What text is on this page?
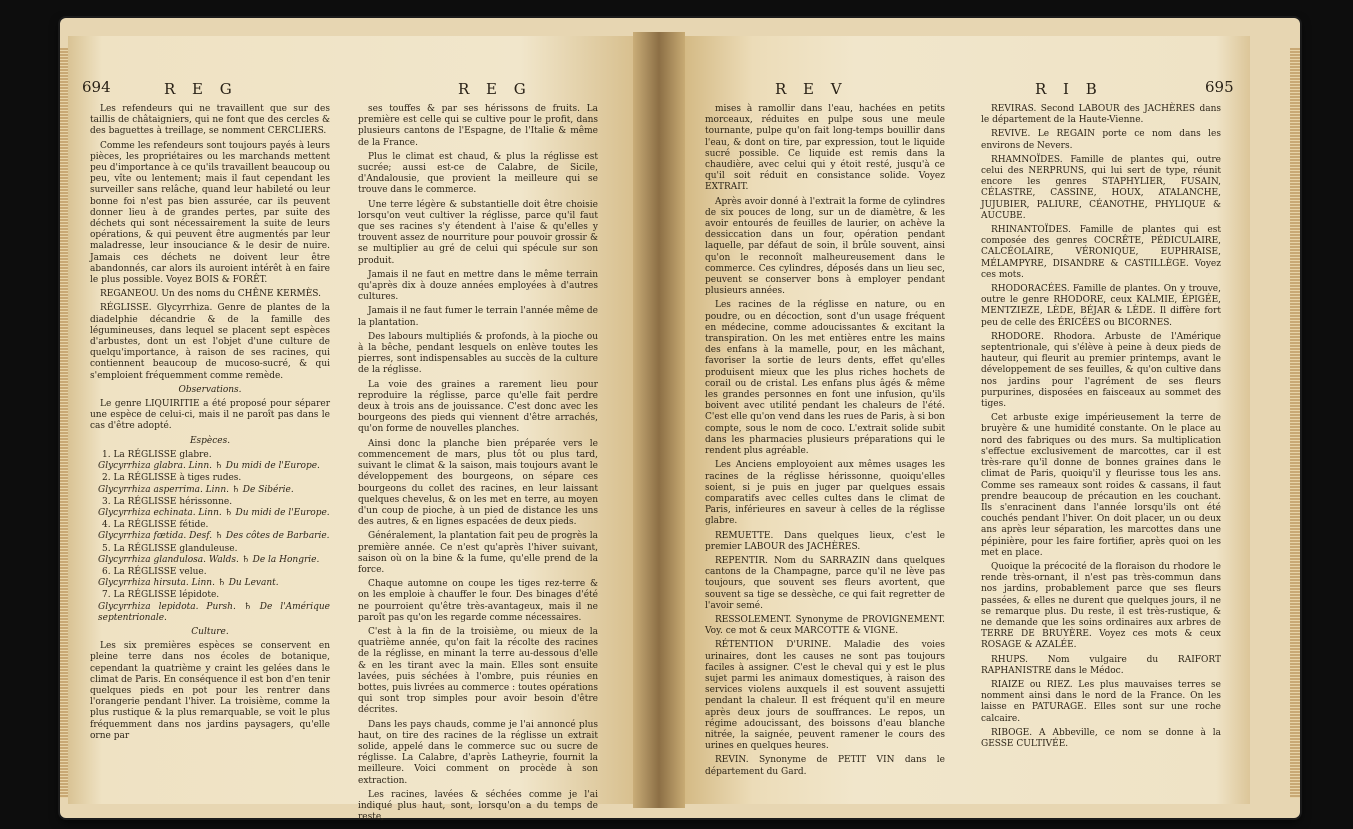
694	R E G	R E G

Les refendeurs qui ne travaillent que sur des taillis de châtaigniers, qui ne font que des cercles & des baguettes à treillage, se nomment CERCLIERS.

Comme les refendeurs sont toujours payés à leurs pièces, les propriétaires ou les marchands mettent peu d'importance à ce qu'ils travaillent beaucoup ou peu, vîte ou lentement; mais il faut cependant les surveiller sans relâche, quand leur habileté ou leur bonne foi n'est pas bien assurée, car ils peuvent donner lieu à de grandes pertes, par suite des déchets qui sont nécessairement la suite de leurs opérations, & qui peuvent être augmentés par leur maladresse, leur insouciance & le desir de nuire. Jamais ces déchets ne doivent leur être abandonnés, car alors ils auroient intérêt à en faire le plus possible. Voyez BOIS & FORÊT.

REGANEOU. Un des noms du CHÊNE KERMÈS.

RÉGLISSE. Glycyrrhiza. Genre de plantes de la diadelphie décandrie & de la famille des légumineuses, dans lequel se placent sept espèces d'arbustes, dont un est l'objet d'une culture de quelqu'importance, à raison de ses racines, qui contiennent beaucoup de mucoso-sucré, & qui s'emploient fréquemment comme remède.

Observations.

Le genre LIQUIRITIE a été proposé pour séparer une espèce de celui-ci, mais il ne paroît pas dans le cas d'être adopté.

Espèces.

1. La RÉGLISSE glabre.

Glycyrrhiza glabra. Linn. ♄ Du midi de l'Europe.

2. La RÉGLISSE à tiges rudes.

Glycyrrhiza asperrima. Linn. ♄ De Sibérie.

3. La RÉGLISSE hérissonne.

Glycyrrhiza echinata. Linn. ♄ Du midi de l'Europe.

4. La RÉGLISSE fétide.

Glycyrrhiza fœtida. Desf. ♄ Des côtes de Barbarie.

5. La RÉGLISSE glanduleuse.

Glycyrrhiza glandulosa. Walds. ♄ De la Hongrie.

6. La RÉGLISSE velue.

Glycyrrhiza hirsuta. Linn. ♄ Du Levant.

7. La RÉGLISSE lépidote.

Glycyrrhiza lepidota. Pursh. ♄ De l'Amérique septentrionale.

Culture.

Les six premières espèces se conservent en pleine terre dans nos écoles de botanique, cependant la quatrième y craint les gelées dans le climat de Paris. En conséquence il est bon d'en tenir quelques pieds en pot pour les rentrer dans l'orangerie pendant l'hiver. La troisième, comme la plus rustique & la plus remarquable, se voit le plus fréquemment dans nos jardins paysagers, qu'elle orne par

ses touffes & par ses hérissons de fruits. La première est celle qui se cultive pour le profit, dans plusieurs cantons de l'Espagne, de l'Italie & même de la France.

Plus le climat est chaud, & plus la réglisse est sucrée; aussi est-ce de Calabre, de Sicile, d'Andalousie, que provient la meilleure qui se trouve dans le commerce.

Une terre légère & substantielle doit être choisie lorsqu'on veut cultiver la réglisse, parce qu'il faut que ses racines s'y étendent à l'aise & qu'elles y trouvent assez de nourriture pour pouvoir grossir & se multiplier au gré de celui qui spécule sur son produit.

Jamais il ne faut en mettre dans le même terrain qu'après dix à douze années employées à d'autres cultures.

Jamais il ne faut fumer le terrain l'année même de la plantation.

Des labours multipliés & profonds, à la pioche ou à la bêche, pendant lesquels on enlève toutes les pierres, sont indispensables au succès de la culture de la réglisse.

La voie des graines a rarement lieu pour reproduire la réglisse, parce qu'elle fait perdre deux à trois ans de jouissance. C'est donc avec les bourgeons des pieds qui viennent d'être arrachés, qu'on forme de nouvelles planches.

Ainsi donc la planche bien préparée vers le commencement de mars, plus tôt ou plus tard, suivant le climat & la saison, mais toujours avant le développement des bourgeons, on sépare ces bourgeons du collet des racines, en leur laissant quelques chevelus, & on les met en terre, au moyen d'un coup de pioche, à un pied de distance les uns des autres, & en lignes espacées de deux pieds.

Généralement, la plantation fait peu de progrès la première année. Ce n'est qu'après l'hiver suivant, saison où on la bine & la fume, qu'elle prend de la force.

Chaque automne on coupe les tiges rez-terre & on les emploie à chauffer le four. Des binages d'été ne pourroient qu'être très-avantageux, mais il ne paroît pas qu'on les regarde comme nécessaires.

C'est à la fin de la troisième, ou mieux de la quatrième année, qu'on fait la récolte des racines de la réglisse, en minant la terre au-dessous d'elle & en les tirant avec la main. Elles sont ensuite lavées, puis séchées à l'ombre, puis réunies en bottes, puis livrées au commerce : toutes opérations qui sont trop simples pour avoir besoin d'être décrites.

Dans les pays chauds, comme je l'ai annoncé plus haut, on tire des racines de la réglisse un extrait solide, appelé dans le commerce suc ou sucre de réglisse. La Calabre, d'après Latheyrie, fournit la meilleure. Voici comment on procède à son extraction.

Les racines, lavées & séchées comme je l'ai indiqué plus haut, sont, lorsqu'on a du temps de reste,

R E V	R I B	695

mises à ramollir dans l'eau, hachées en petits morceaux, réduites en pulpe sous une meule tournante, pulpe qu'on fait long-temps bouillir dans l'eau, & dont on tire, par expression, tout le liquide sucré possible. Ce liquide est remis dans la chaudière, avec celui qui y étoit resté, jusqu'à ce qu'il soit réduit en consistance solide. Voyez EXTRAIT.

Après avoir donné à l'extrait la forme de cylindres de six pouces de long, sur un de diamètre, & les avoir entourés de feuilles de laurier, on achève la dessiccation dans un four, opération pendant laquelle, par défaut de soin, il brûle souvent, ainsi qu'on le reconnoît malheureusement dans le commerce. Ces cylindres, déposés dans un lieu sec, peuvent se conserver bons à employer pendant plusieurs années.

Les racines de la réglisse en nature, ou en poudre, ou en décoction, sont d'un usage fréquent en médecine, comme adoucissantes & excitant la transpiration. On les met entières entre les mains des enfans à la mamelle, pour, en les mâchant, favoriser la sortie de leurs dents, effet qu'elles produisent mieux que les plus riches hochets de corail ou de cristal. Les enfans plus âgés & même les grandes personnes en font une infusion, qu'ils boivent avec utilité pendant les chaleurs de l'été. C'est elle qu'on vend dans les rues de Paris, à si bon compte, sous le nom de coco. L'extrait solide subit dans les pharmacies plusieurs préparations qui le rendent plus agréable.

Les Anciens employoient aux mêmes usages les racines de la réglisse hérissonne, quoiqu'elles soient, si je puis en juger par quelques essais comparatifs avec celles cultes dans le climat de Paris, inférieures en saveur à celles de la réglisse glabre.

REMUETTE. Dans quelques lieux, c'est le premier LABOUR des JACHÈRES.

REPENTIR. Nom du SARRAZIN dans quelques cantons de la Champagne, parce qu'il ne lève pas toujours, que souvent ses fleurs avortent, que souvent sa tige se dessèche, ce qui fait regretter de l'avoir semé.

RESSOLEMENT. Synonyme de PROVIGNEMENT. Voy. ce mot & ceux MARCOTTE & VIGNE.

RÉTENTION D'URINE. Maladie des voies urinaires, dont les causes ne sont pas toujours faciles à assigner. C'est le cheval qui y est le plus sujet parmi les animaux domestiques, à raison des services violens auxquels il est souvent assujetti pendant la chaleur. Il est fréquent qu'il en meure après deux jours de souffrances. Le repos, un régime adoucissant, des boissons d'eau blanche nitrée, la saignée, peuvent ramener le cours des urines en quelques heures.

REVIN. Synonyme de PETIT VIN dans le département du Gard.

REVIRAS. Second LABOUR des JACHÈRES dans le département de la Haute-Vienne.

REVIVE. Le REGAIN porte ce nom dans les environs de Nevers.

RHAMNOÏDES. Famille de plantes qui, outre celui des NERPRUNS, qui lui sert de type, réunit encore les genres STAPHYLIER, FUSAIN, CÉLASTRE, CASSINE, HOUX, ATALANCHE, JUJUBIER, PALIURE, CÉANOTHE, PHYLIQUE & AUCUBE.

RHINANTOÏDES. Famille de plantes qui est composée des genres COCRÊTE, PÉDICULAIRE, CALCÉOLAIRE, VÉRONIQUE, EUPHRAISE, MÉLAMPYRE, DISANDRE & CASTILLÈGE. Voyez ces mots.

RHODORACÉES. Famille de plantes. On y trouve, outre le genre RHODORE, ceux KALMIE, ÉPIGÉE, MENTZIEZE, LÈDE, BÉJAR & LÈDE. Il diffère fort peu de celle des ÉRICÉES ou BICORNES.

RHODORE. Rhodora. Arbuste de l'Amérique septentrionale, qui s'élève à peine à deux pieds de hauteur, qui fleurit au premier printemps, avant le développement de ses feuilles, & qu'on cultive dans nos jardins pour l'agrément de ses fleurs purpurines, disposées en faisceaux au sommet des tiges.

Cet arbuste exige impérieusement la terre de bruyère & une humidité constante. On le place au nord des fabriques ou des murs. Sa multiplication s'effectue exclusivement de marcottes, car il est très-rare qu'il donne de bonnes graines dans le climat de Paris, quoiqu'il y fleurisse tous les ans. Comme ses rameaux sont roides & cassans, il faut prendre beaucoup de précaution en les couchant. Ils s'enracinent dans l'année lorsqu'ils ont été couchés pendant l'hiver. On doit placer, un ou deux ans après leur séparation, les marcottes dans une pépinière, pour les faire fortifier, après quoi on les met en place.

Quoique la précocité de la floraison du rhodore le rende très-ornant, il n'est pas très-commun dans nos jardins, probablement parce que ses fleurs passées, & elles ne durent que quelques jours, il ne se remarque plus. Du reste, il est très-rustique, & ne demande que les soins ordinaires aux arbres de TERRE DE BRUYÈRE. Voyez ces mots & ceux ROSAGE & AZALÉE.

RHUPS. Nom vulgaire du RAIFORT RAPHANISTRE dans le Médoc.

RIAIZE ou RIEZ. Les plus mauvaises terres se nomment ainsi dans le nord de la France. On les laisse en PATURAGE. Elles sont sur une roche calcaire.

RIBOGE. A Abbeville, ce nom se donne à la GESSE CULTIVÉE.
